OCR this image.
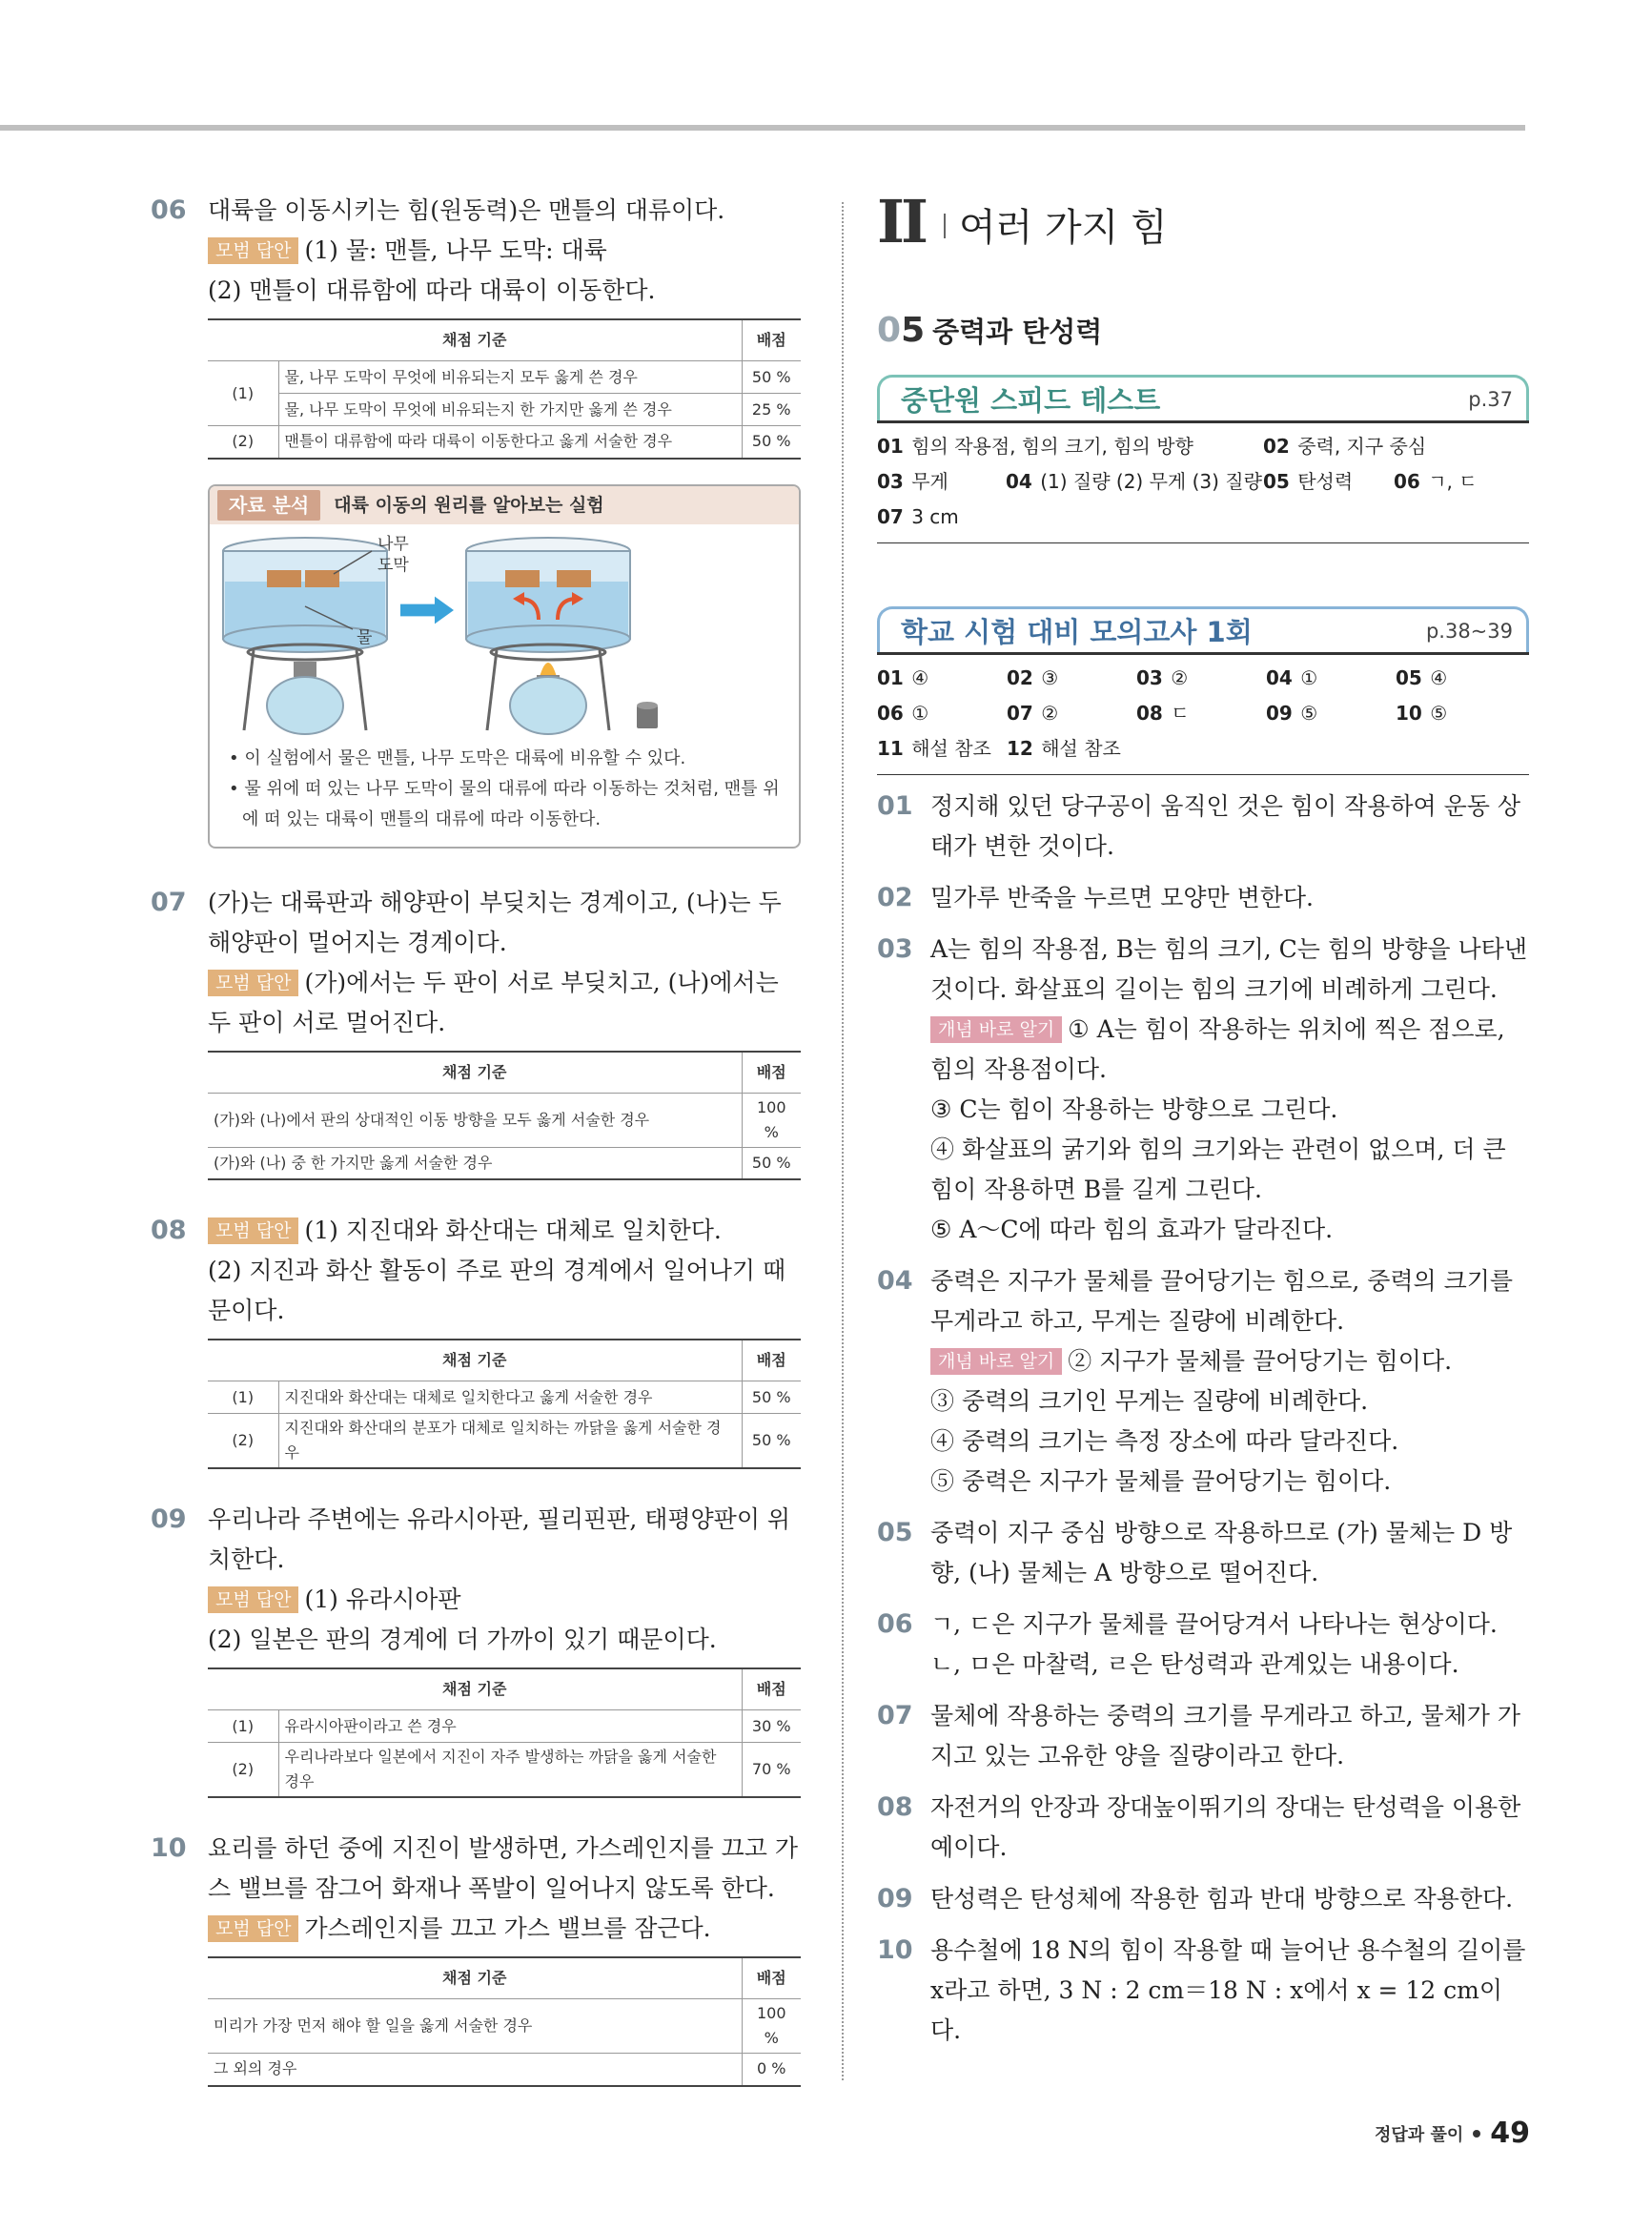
06 대륙을 이동시키는 힘(원동력)은 맨틀의 대류이다.
모범 답안 (1) 물: 맨틀, 나무 도막: 대륙
(2) 맨틀이 대류함에 따라 대륙이 이동한다.
채점 기준		배점
(1)	물, 나무 도막이 무엇에 비유되는지 모두 옳게 쓴 경우	50 %
	물, 나무 도막이 무엇에 비유되는지 한 가지만 옳게 쓴 경우	25 %
(2)	맨틀이 대류함에 따라 대륙이 이동한다고 옳게 서술한 경우	50 %
자료 분석	대륙 이동의 원리를 알아보는 실험
나무
도막
물
• 이 실험에서 물은 맨틀, 나무 도막은 대륙에 비유할 수 있다.
• 물 위에 떠 있는 나무 도막이 물의 대류에 따라 이동하는 것처럼, 맨틀 위에 떠 있는 대륙이 맨틀의 대류에 따라 이동한다.
07 (가)는 대륙판과 해양판이 부딪치는 경계이고, (나)는 두 해양판이 멀어지는 경계이다.
모범 답안 (가)에서는 두 판이 서로 부딪치고, (나)에서는 두 판이 서로 멀어진다.
채점 기준	배점
(가)와 (나)에서 판의 상대적인 이동 방향을 모두 옳게 서술한 경우	100 %
(가)와 (나) 중 한 가지만 옳게 서술한 경우	50 %
08	모범 답안 (1) 지진대와 화산대는 대체로 일치한다.
(2) 지진과 화산 활동이 주로 판의 경계에서 일어나기 때문이다.
채점 기준		배점
(1)	지진대와 화산대는 대체로 일치한다고 옳게 서술한 경우	50 %
(2)	지진대와 화산대의 분포가 대체로 일치하는 까닭을 옳게 서술한 경우	50 %
09 우리나라 주변에는 유라시아판, 필리핀판, 태평양판이 위치한다.
모범 답안 (1) 유라시아판
(2) 일본은 판의 경계에 더 가까이 있기 때문이다.
채점 기준		배점
(1)	유라시아판이라고 쓴 경우	30 %
(2)	우리나라보다 일본에서 지진이 자주 발생하는 까닭을 옳게 서술한 경우	70 %
10 요리를 하던 중에 지진이 발생하면, 가스레인지를 끄고 가스 밸브를 잠그어 화재나 폭발이 일어나지 않도록 한다.
모범 답안 가스레인지를 끄고 가스 밸브를 잠근다.
채점 기준	배점
미리가 가장 먼저 해야 할 일을 옳게 서술한 경우	100 %
그 외의 경우	0 %
II 여러 가지 힘
05 중력과 탄성력
중단원 스피드 테스트	p.37
01 힘의 작용점, 힘의 크기, 힘의 방향	02 중력, 지구 중심
03 무게	04 (1) 질량 (2) 무게 (3) 질량 05 탄성력	06 ㄱ, ㄷ
07 3 cm
학교 시험 대비 모의고사 1회	p.38~39
01 ④	02 ③	03 ②	04 ①	05 ④
06 ①	07 ②	08 ㄷ	09 ⑤	10 ⑤
11 해설 참조 12 해설 참조
01 정지해 있던 당구공이 움직인 것은 힘이 작용하여 운동 상태가 변한 것이다.
02 밀가루 반죽을 누르면 모양만 변한다.
03 A는 힘의 작용점, B는 힘의 크기, C는 힘의 방향을 나타낸 것이다. 화살표의 길이는 힘의 크기에 비례하게 그린다.
개념 바로 알기 ① A는 힘이 작용하는 위치에 찍은 점으로, 힘의 작용점이다.
③ C는 힘이 작용하는 방향으로 그린다.
④ 화살표의 굵기와 힘의 크기와는 관련이 없으며, 더 큰 힘이 작용하면 B를 길게 그린다.
⑤ A～C에 따라 힘의 효과가 달라진다.
04 중력은 지구가 물체를 끌어당기는 힘으로, 중력의 크기를 무게라고 하고, 무게는 질량에 비례한다.
개념 바로 알기 ② 지구가 물체를 끌어당기는 힘이다.
③ 중력의 크기인 무게는 질량에 비례한다.
④ 중력의 크기는 측정 장소에 따라 달라진다.
⑤ 중력은 지구가 물체를 끌어당기는 힘이다.
05 중력이 지구 중심 방향으로 작용하므로 (가) 물체는 D 방향, (나) 물체는 A 방향으로 떨어진다.
06 ㄱ, ㄷ은 지구가 물체를 끌어당겨서 나타나는 현상이다. ㄴ, ㅁ은 마찰력, ㄹ은 탄성력과 관계있는 내용이다.
07 물체에 작용하는 중력의 크기를 무게라고 하고, 물체가 가지고 있는 고유한 양을 질량이라고 한다.
08 자전거의 안장과 장대높이뛰기의 장대는 탄성력을 이용한 예이다.
09 탄성력은 탄성체에 작용한 힘과 반대 방향으로 작용한다.
10 용수철에 18 N의 힘이 작용할 때 늘어난 용수철의 길이를 x라고 하면, 3 N : 2 cm＝18 N : x에서 x = 12 cm이다.
정답과 풀이 49
